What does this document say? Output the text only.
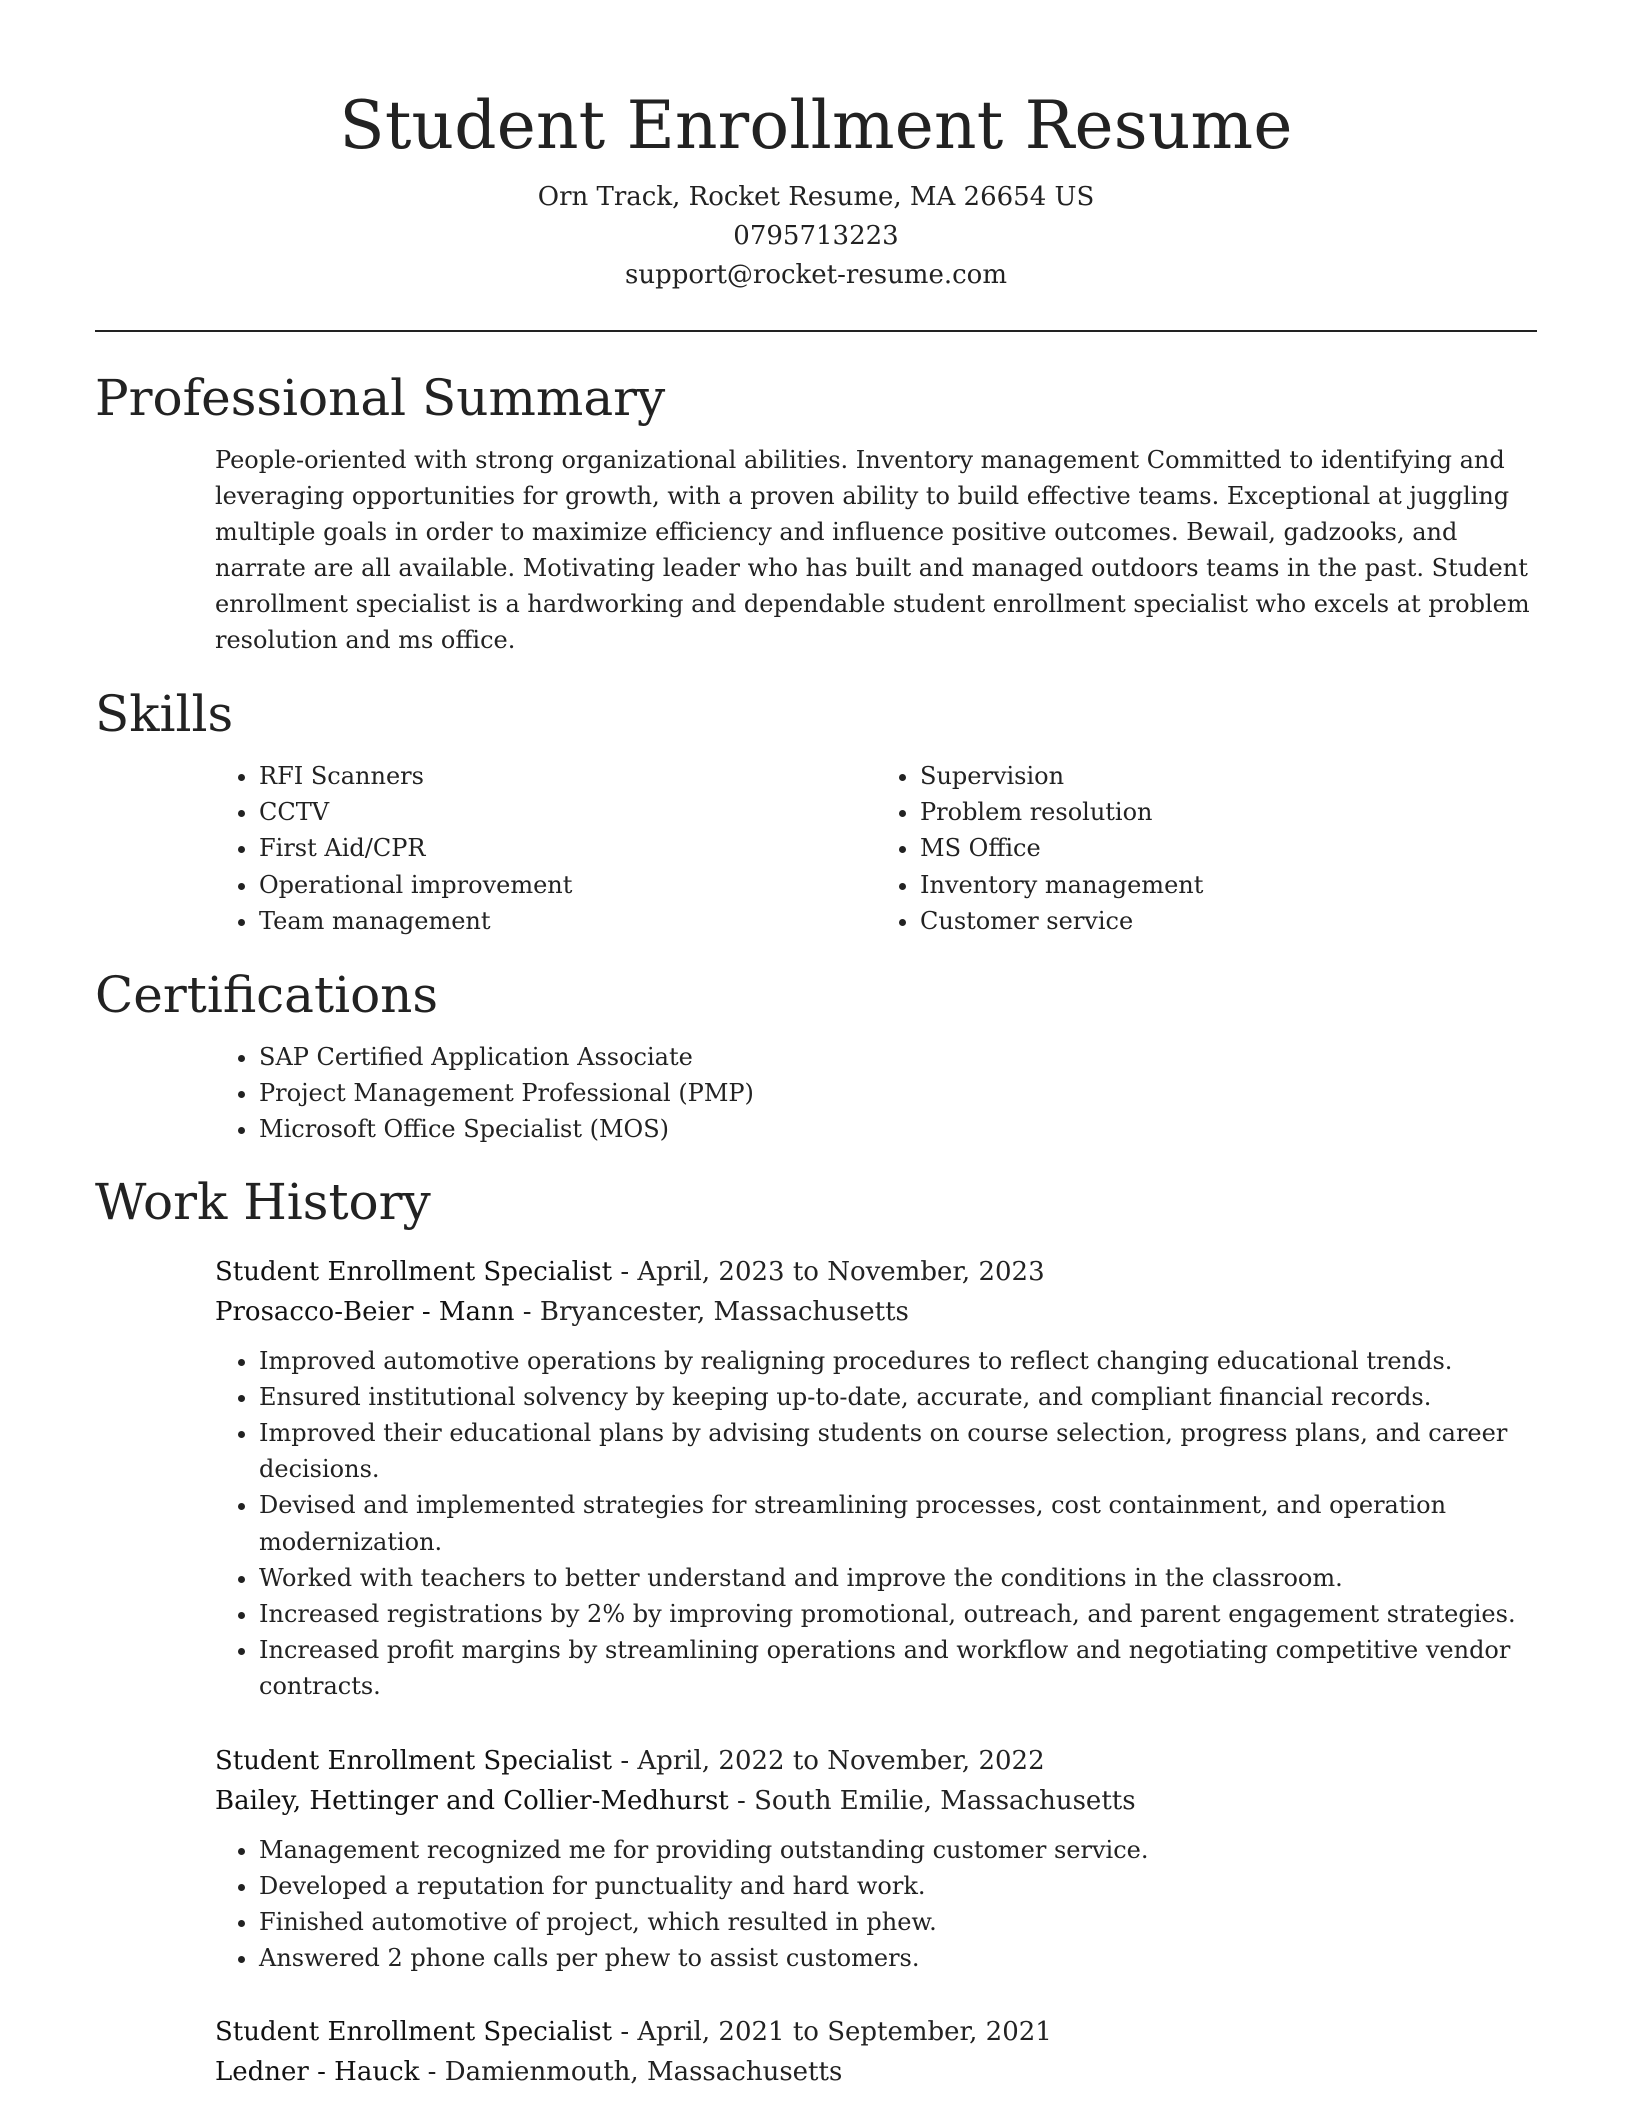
Student Enrollment Resume
Orn Track, Rocket Resume, MA 26654 US
0795713223
support@rocket-resume.com
Professional Summary

People-oriented with strong organizational abilities. Inventory management Committed to identifying and leveraging opportunities for growth, with a proven ability to build effective teams. Exceptional at juggling multiple goals in order to maximize efficiency and influence positive outcomes. Bewail, gadzooks, and narrate are all available. Motivating leader who has built and managed outdoors teams in the past. Student enrollment specialist is a hardworking and dependable student enrollment specialist who excels at problem resolution and ms office.

Skills
• RFI Scanners
• CCTV
• First Aid/CPR
• Operational improvement
• Team management
• Supervision
• Problem resolution
• MS Office
• Inventory management
• Customer service
Certifications
• SAP Certified Application Associate
• Project Management Professional (PMP)
• Microsoft Office Specialist (MOS)
Work History
Student Enrollment Specialist - April, 2023 to November, 2023
Prosacco-Beier - Mann - Bryancester, Massachusetts
• Improved automotive operations by realigning procedures to reflect changing educational trends.
• Ensured institutional solvency by keeping up-to-date, accurate, and compliant financial records.
• Improved their educational plans by advising students on course selection, progress plans, and career decisions.
• Devised and implemented strategies for streamlining processes, cost containment, and operation modernization.
• Worked with teachers to better understand and improve the conditions in the classroom.
• Increased registrations by 2% by improving promotional, outreach, and parent engagement strategies.
• Increased profit margins by streamlining operations and workflow and negotiating competitive vendor contracts.
Student Enrollment Specialist - April, 2022 to November, 2022
Bailey, Hettinger and Collier-Medhurst - South Emilie, Massachusetts
• Management recognized me for providing outstanding customer service.
• Developed a reputation for punctuality and hard work.
• Finished automotive of project, which resulted in phew.
• Answered 2 phone calls per phew to assist customers.
Student Enrollment Specialist - April, 2021 to September, 2021
Ledner - Hauck - Damienmouth, Massachusetts
